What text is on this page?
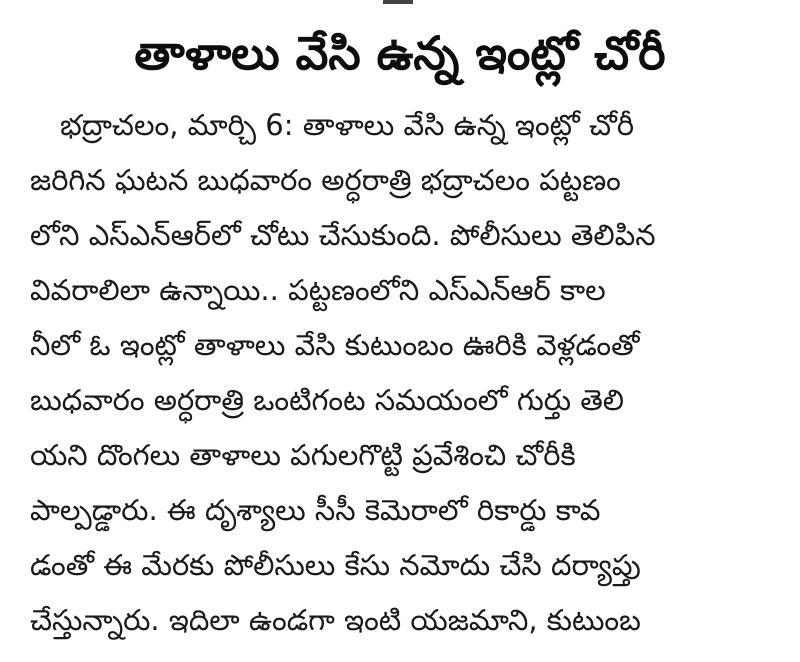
తాళాలు వేసి ఉన్న ఇంట్లో చోరీ
భద్రాచలం, మార్చి 6: తాళాలు వేసి ఉన్న ఇంట్లో చోరీ
జరిగిన ఘటన బుధవారం అర్ధరాత్రి భద్రాచలం పట్టణం
లోని ఎస్‌ఎన్‌ఆర్‌లో చోటు చేసుకుంది. పోలీసులు తెలిపిన
వివరాలిలా ఉన్నాయి.. పట్టణంలోని ఎస్‌ఎన్‌ఆర్ కాల
నీలో ఓ ఇంట్లో తాళాలు వేసి కుటుంబం ఊరికి వెళ్లడంతో
బుధవారం అర్ధరాత్రి ఒంటిగంట సమయంలో గుర్తు తెలి
యని దొంగలు తాళాలు పగులగొట్టి ప్రవేశించి చోరీకి
పాల్పడ్డారు. ఈ దృశ్యాలు సీసీ కెమెరాలో రికార్డు కావ
డంతో ఈ మేరకు పోలీసులు కేసు నమోదు చేసి దర్యాప్తు
చేస్తున్నారు. ఇదిలా ఉండగా ఇంటి యజమాని, కుటుంబ
